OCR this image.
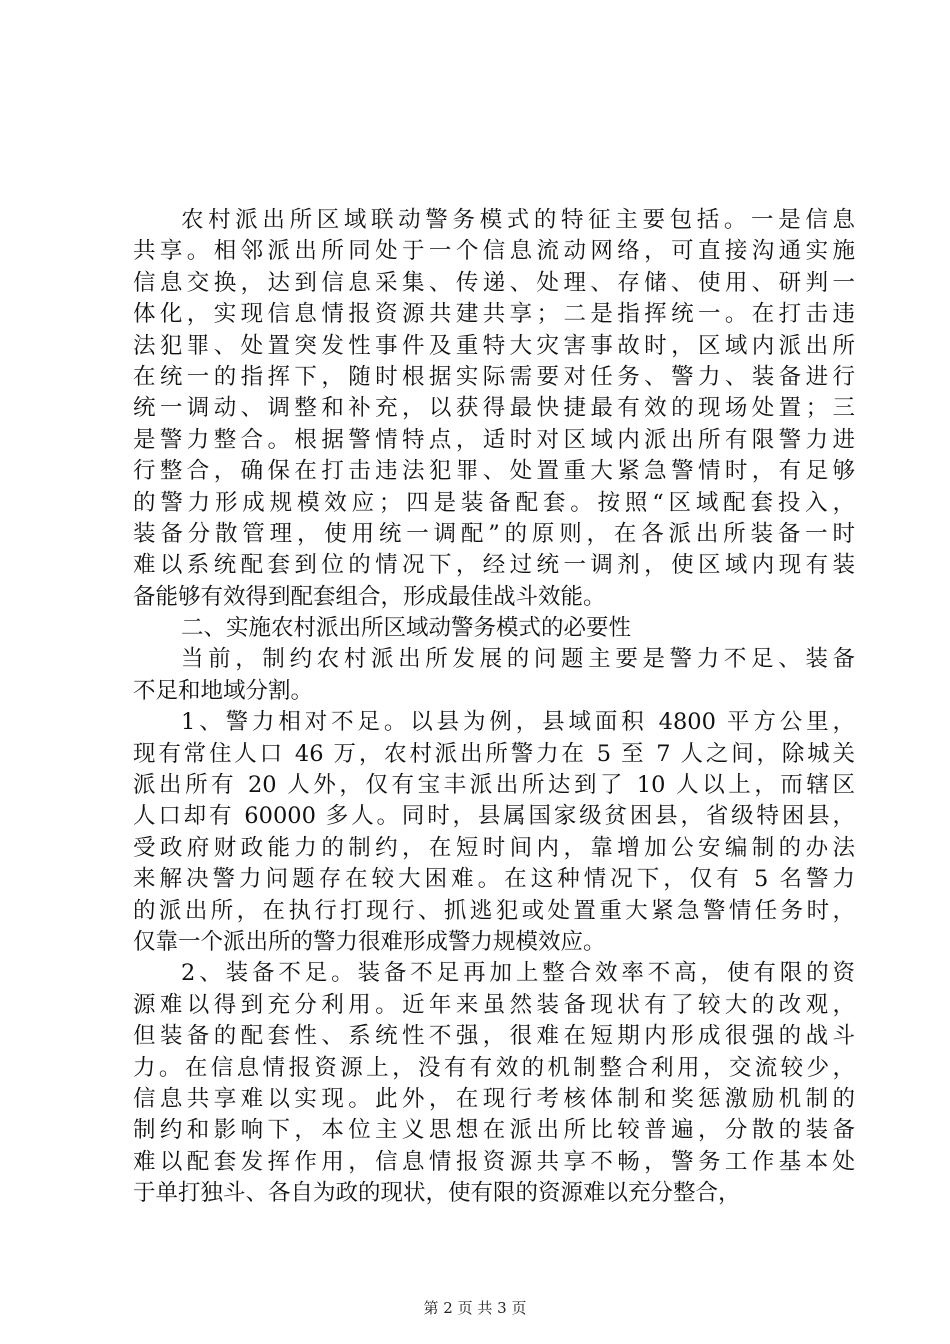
农村派出所区域联动警务模式的特征主要包括。一是信息
共享。相邻派出所同处于一个信息流动网络，可直接沟通实施
信息交换，达到信息采集、传递、处理、存储、使用、研判一
体化，实现信息情报资源共建共享；二是指挥统一。在打击违
法犯罪、处置突发性事件及重特大灾害事故时，区域内派出所
在统一的指挥下，随时根据实际需要对任务、警力、装备进行
统一调动、调整和补充，以获得最快捷最有效的现场处置；三
是警力整合。根据警情特点，适时对区域内派出所有限警力进
行整合，确保在打击违法犯罪、处置重大紧急警情时，有足够
的警力形成规模效应；四是装备配套。按照“区域配套投入，
装备分散管理，使用统一调配”的原则，在各派出所装备一时
难以系统配套到位的情况下，经过统一调剂，使区域内现有装
备能够有效得到配套组合，形成最佳战斗效能。
二、实施农村派出所区域动警务模式的必要性
当前，制约农村派出所发展的问题主要是警力不足、装备
不足和地域分割。
1、警力相对不足。以县为例，县域面积 4800 平方公里，
现有常住人口 46 万，农村派出所警力在 5 至 7 人之间，除城关
派出所有 20 人外，仅有宝丰派出所达到了 10 人以上，而辖区
人口却有 60000 多人。同时，县属国家级贫困县，省级特困县，
受政府财政能力的制约，在短时间内，靠增加公安编制的办法
来解决警力问题存在较大困难。在这种情况下，仅有 5 名警力
的派出所，在执行打现行、抓逃犯或处置重大紧急警情任务时，
仅靠一个派出所的警力很难形成警力规模效应。
2、装备不足。装备不足再加上整合效率不高，使有限的资
源难以得到充分利用。近年来虽然装备现状有了较大的改观，
但装备的配套性、系统性不强，很难在短期内形成很强的战斗
力。在信息情报资源上，没有有效的机制整合利用，交流较少，
信息共享难以实现。此外，在现行考核体制和奖惩激励机制的
制约和影响下，本位主义思想在派出所比较普遍，分散的装备
难以配套发挥作用，信息情报资源共享不畅，警务工作基本处
于单打独斗、各自为政的现状，使有限的资源难以充分整合，
第 2 页 共 3 页
